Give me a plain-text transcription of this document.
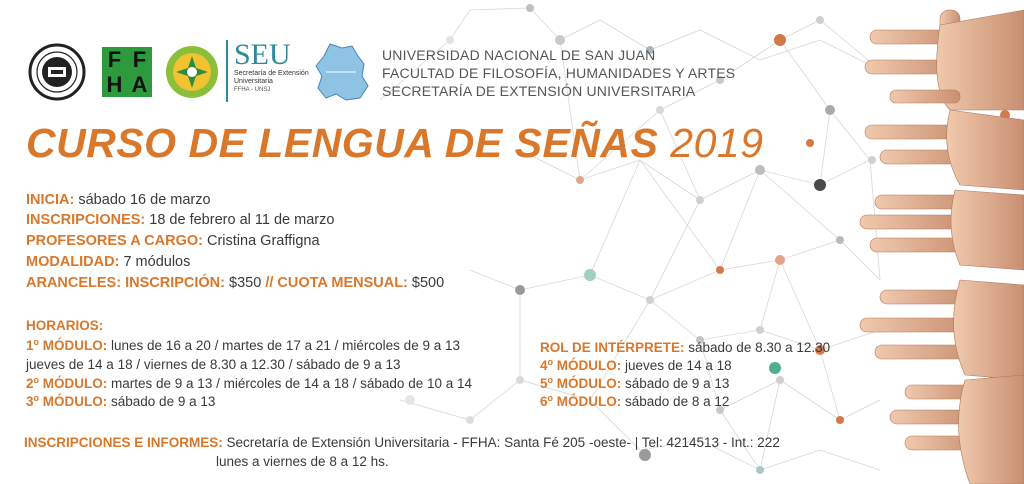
F F
H A
SEU
Secretaría de Extensión
Universitaria
FFHA - UNSJ
UNIVERSIDAD NACIONAL DE SAN JUAN
FACULTAD DE FILOSOFÍA, HUMANIDADES Y ARTES
SECRETARÍA DE EXTENSIÓN UNIVERSITARIA
CURSO DE LENGUA DE SEÑAS 2019
INICIA: sábado 16 de marzo
INSCRIPCIONES: 18 de febrero al 11 de marzo
PROFESORES A CARGO: Cristina Graffigna
MODALIDAD: 7 módulos
ARANCELES: INSCRIPCIÓN: $350 // CUOTA MENSUAL: $500
HORARIOS:
1$^o$ MÓDULO: lunes de 16 a 20 / martes de 17 a 21 / miércoles de 9 a 13
jueves de 14 a 18 / viernes de 8.30 a 12.30 / sábado de 9 a 13
2$^o$ MÓDULO: martes de 9 a 13 / miércoles de 14 a 18 / sábado de 10 a 14
3$^o$ MÓDULO: sábado de 9 a 13
ROL DE INTÉRPRETE: sábado de 8.30 a 12.30
4$^o$ MÓDULO: jueves de 14 a 18
5$^o$ MÓDULO: sábado de 9 a 13
6$^o$ MÓDULO: sábado de 8 a 12
INSCRIPCIONES E INFORMES: Secretaría de Extensión Universitaria - FFHA: Santa Fé 205 -oeste- | Tel: 4214513 - Int.: 222
lunes a viernes de 8 a 12 hs.
